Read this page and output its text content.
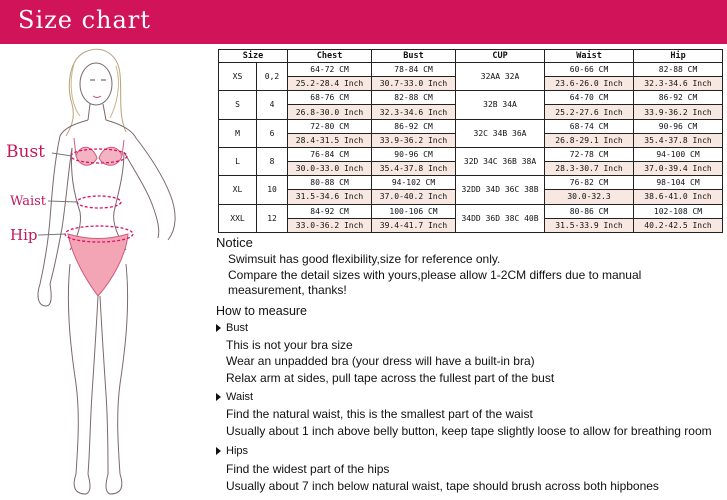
Size chart
Bust
Waist
Hip
Size		Chest	Bust	CUP	Waist	Hip
XS	0,2	64-72 CM	78-84 CM	32AA 32A	60-66 CM	82-88 CM
		25.2-28.4 Inch	30.7-33.0 Inch		23.6-26.0 Inch	32.3-34.6 Inch
S	4	68-76 CM	82-88 CM	32B 34A	64-70 CM	86-92 CM
		26.8-30.0 Inch	32.3-34.6 Inch		25.2-27.6 Inch	33.9-36.2 Inch
M	6	72-80 CM	86-92 CM	32C 34B 36A	68-74 CM	90-96 CM
		28.4-31.5 Inch	33.9-36.2 Inch		26.8-29.1 Inch	35.4-37.8 Inch
L	8	76-84 CM	90-96 CM	32D 34C 36B 38A	72-78 CM	94-100 CM
		30.0-33.0 Inch	35.4-37.8 Inch		28.3-30.7 Inch	37.0-39.4 Inch
XL	10	80-88 CM	94-102 CM	32DD 34D 36C 38B	76-82 CM	98-104 CM
		31.5-34.6 Inch	37.0-40.2 Inch		30.0-32.3	38.6-41.0 Inch
XXL	12	84-92 CM	100-106 CM	34DD 36D 38C 40B	80-86 CM	102-108 CM
		33.0-36.2 Inch	39.4-41.7 Inch		31.5-33.9 Inch	40.2-42.5 Inch
Notice
Swimsuit has good flexibility,size for reference only.
Compare the detail sizes with yours,please allow 1-2CM differs due to manual
measurement, thanks!
How to measure
Bust
This is not your bra size
Wear an unpadded bra (your dress will have a built-in bra)
Relax arm at sides, pull tape across the fullest part of the bust
Waist
Find the natural waist, this is the smallest part of the waist
Usually about 1 inch above belly button, keep tape slightly loose to allow for breathing room
Hips
Find the widest part of the hips
Usually about 7 inch below natural waist, tape should brush across both hipbones
